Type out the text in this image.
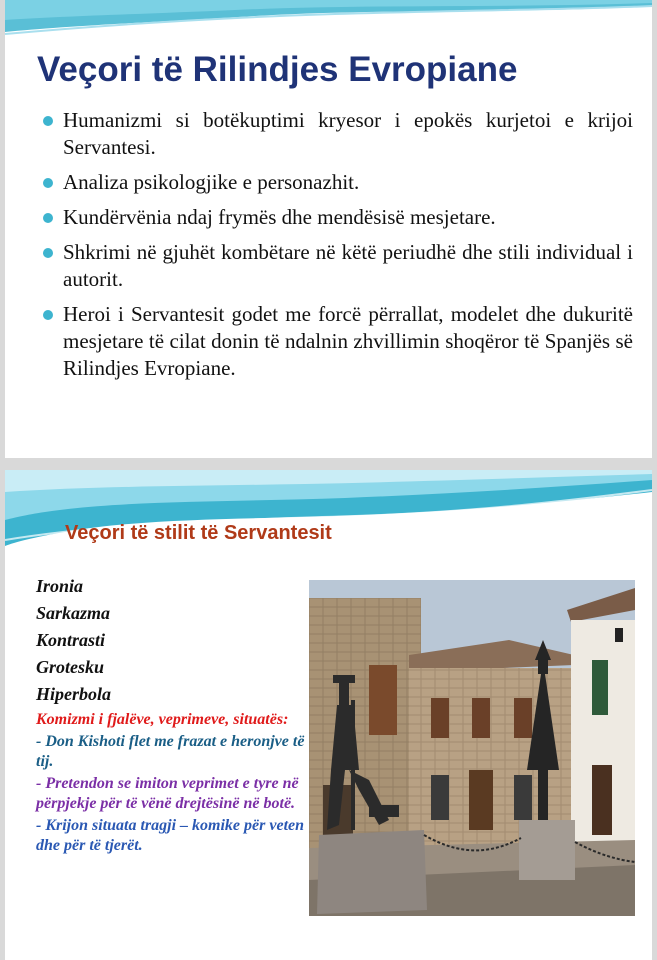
Veçori të Rilindjes Evropiane
Humanizmi si botëkuptimi kryesor i epokës kurjetoi e krijoi Servantesi.
Analiza psikologjike e personazhit.
Kundërvënia ndaj frymës dhe mendësisë mesjetare.
Shkrimi në gjuhët kombëtare në këtë periudhë dhe stili individual i autorit.
Heroi i Servantesit godet me forcë përrallat, modelet dhe dukuritë mesjetare të cilat donin të ndalnin zhvillimin shoqëror të Spanjës së Rilindjes Evropiane.
Veçori të stilit të Servantesit
Ironia
Sarkazma
Kontrasti
Grotesku
Hiperbola
Komizmi i fjalëve, veprimeve, situatës:
- Don Kishoti flet me frazat e heronjve të tij.
- Pretendon se imiton veprimet e tyre në përpjekje për të vënë drejtësinë në botë.
- Krijon situata tragji – komike për veten dhe për të tjerët.
